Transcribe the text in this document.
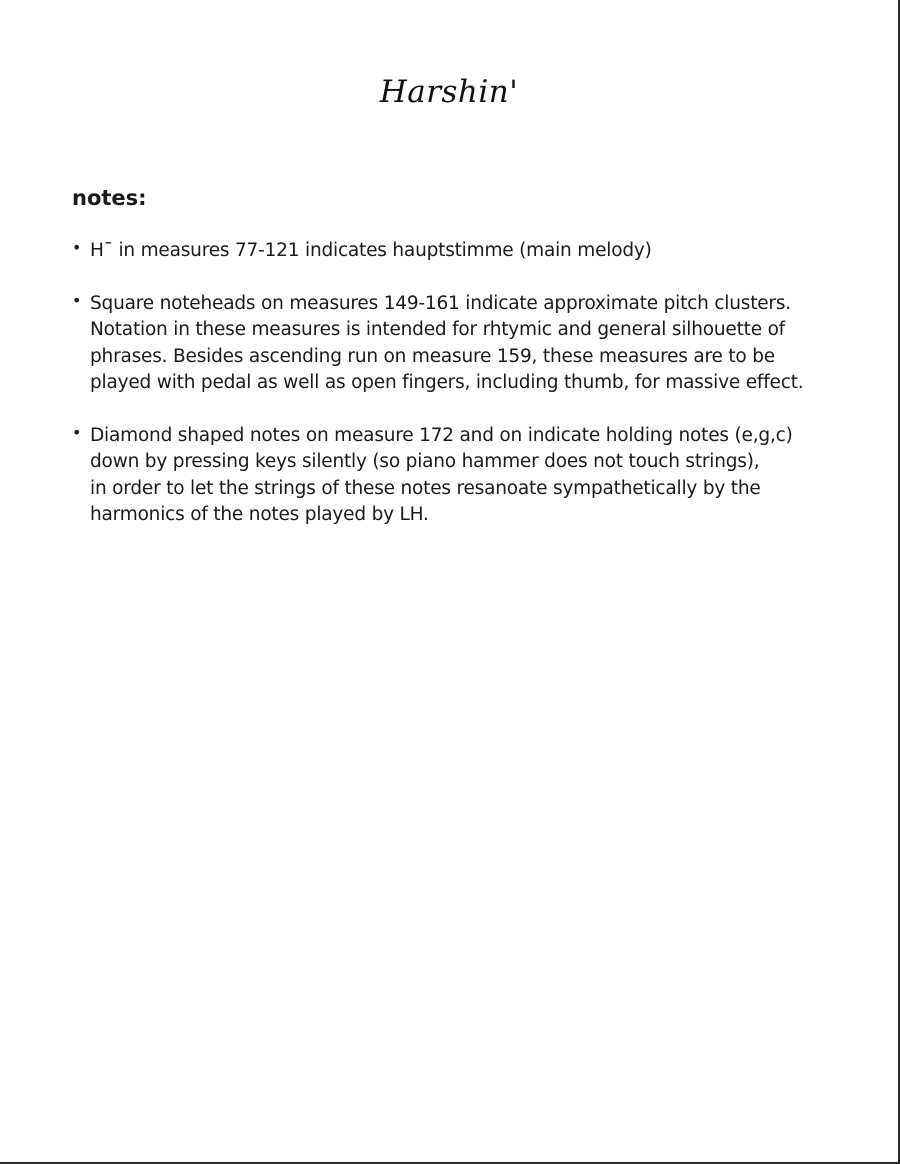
Harshin'
notes:
• Hˉ in measures 77-121 indicates hauptstimme (main melody)
• Square noteheads on measures 149-161 indicate approximate pitch clusters.
Notation in these measures is intended for rhtymic and general silhouette of
phrases. Besides ascending run on measure 159, these measures are to be
played with pedal as well as open fingers, including thumb, for massive effect.
• Diamond shaped notes on measure 172 and on indicate holding notes (e,g,c)
down by pressing keys silently (so piano hammer does not touch strings),
in order to let the strings of these notes resanoate sympathetically by the
harmonics of the notes played by LH.
